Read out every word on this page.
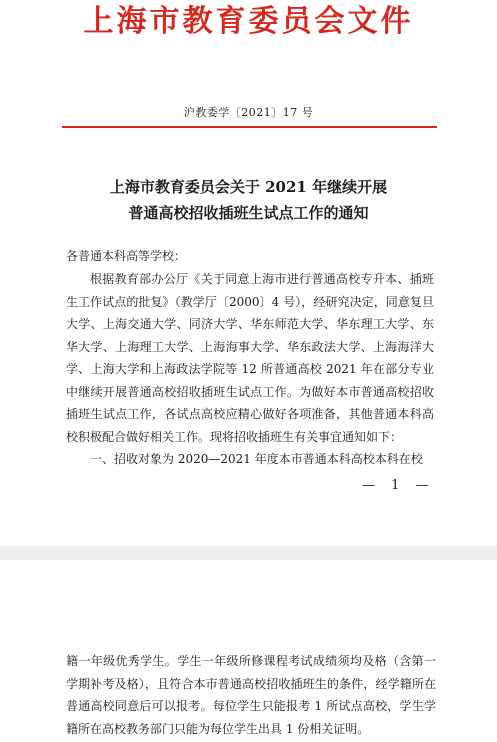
上海市教育委员会文件
沪教委学〔2021〕17 号
上海市教育委员会关于 2021 年继续开展
普通高校招收插班生试点工作的通知
各普通本科高等学校：
根据教育部办公厅《关于同意上海市进行普通高校专升本、插班生工作试点的批复》（教学厅〔2000〕4 号），经研究决定，同意复旦大学、上海交通大学、同济大学、华东师范大学、华东理工大学、东华大学、上海理工大学、上海海事大学、华东政法大学、上海海洋大学、上海大学和上海政法学院等 12 所普通高校 2021 年在部分专业中继续开展普通高校招收插班生试点工作。为做好本市普通高校招收插班生试点工作，各试点高校应精心做好各项准备，其他普通本科高校积极配合做好相关工作。现将招收插班生有关事宜通知如下：
一、招收对象为 2020—2021 年度本市普通本科高校本科在校
— 1 —
籍一年级优秀学生。学生一年级所修课程考试成绩须均及格（含第一学期补考及格），且符合本市普通高校招收插班生的条件，经学籍所在普通高校同意后可以报考。每位学生只能报考 1 所试点高校，学生学籍所在高校教务部门只能为每位学生出具 1 份相关证明。
